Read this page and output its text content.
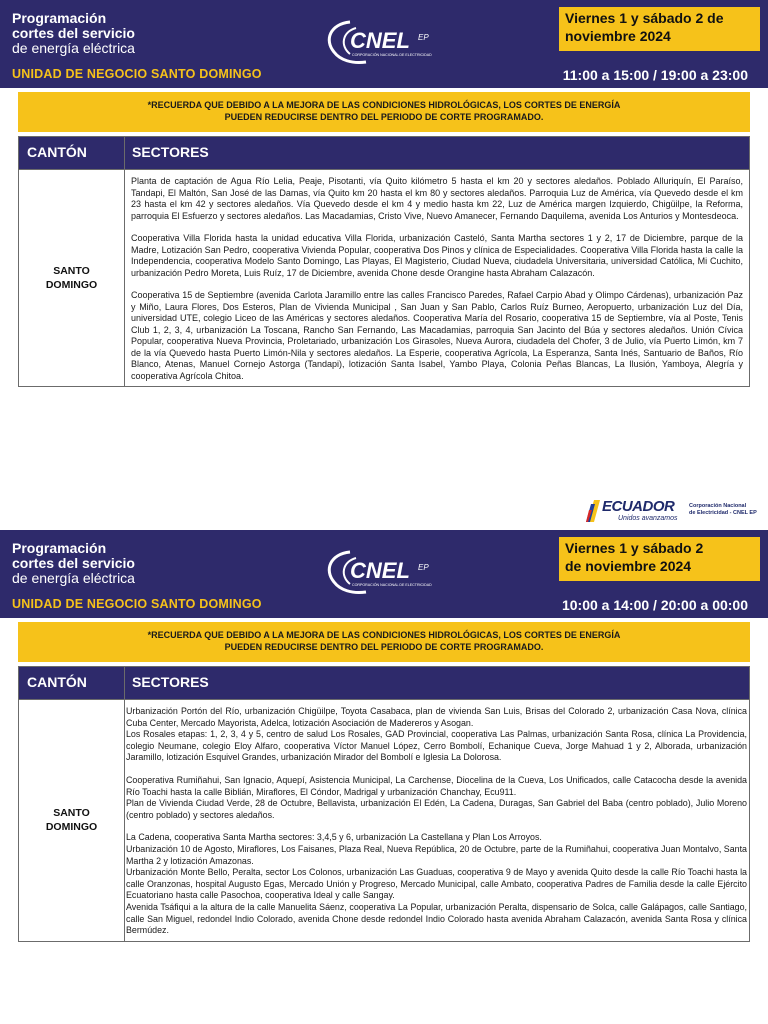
Programación
cortes del servicio
de energía eléctrica
UNIDAD DE NEGOCIO SANTO DOMINGO
CNEL EP
CORPORACIÓN NACIONAL DE ELECTRICIDAD
Viernes 1 y sábado 2 de
noviembre 2024
11:00 a 15:00 / 19:00 a 23:00
*RECUERDA QUE DEBIDO A LA MEJORA DE LAS CONDICIONES HIDROLÓGICAS, LOS CORTES DE ENERGÍA
PUEDEN REDUCIRSE DENTRO DEL PERIODO DE CORTE PROGRAMADO.
CANTÓN	SECTORES
SANTO
DOMINGO

Planta de captación de Agua Río Lelia, Peaje, Pisotanti, vía Quito kilómetro 5 hasta el km 20 y sectores aledaños. Poblado Alluriquín, El Paraíso, Tandapi, El Maltón, San José de las Damas, vía Quito km 20 hasta el km 80 y sectores aledaños. Parroquia Luz de América, vía Quevedo desde el km 23 hasta el km 42 y sectores aledaños. Vía Quevedo desde el km 4 y medio hasta km 22, Luz de América margen Izquierdo, Chigüilpe, la Reforma, parroquia El Esfuerzo y sectores aledaños. Las Macadamias, Cristo Vive, Nuevo Amanecer, Fernando Daquilema, avenida Los Anturios y Montesdeoca.

Cooperativa Villa Florida hasta la unidad educativa Villa Florida, urbanización Casteló, Santa Martha sectores 1 y 2, 17 de Diciembre, parque de la Madre, Lotización San Pedro, cooperativa Vivienda Popular, cooperativa Dos Pinos y clínica de Especialidades. Cooperativa Villa Florida hasta la calle la Independencia, cooperativa Modelo Santo Domingo, Las Playas, El Magisterio, Ciudad Nueva, ciudadela Universitaria, universidad Católica, Mi Cuchito, urbanización Pedro Moreta, Luis Ruíz, 17 de Diciembre, avenida Chone desde Orangine hasta Abraham Calazacón.

Cooperativa 15 de Septiembre (avenida Carlota Jaramillo entre las calles Francisco Paredes, Rafael Carpio Abad y Olimpo Cárdenas), urbanización Paz y Miño, Laura Flores, Dos Esteros, Plan de Vivienda Municipal , San Juan y San Pablo, Carlos Ruíz Burneo, Aeropuerto, urbanización Luz del Día, universidad UTE, colegio Liceo de las Américas y sectores aledaños. Cooperativa María del Rosario, cooperativa 15 de Septiembre, vía al Poste, Tenis Club 1, 2, 3, 4, urbanización La Toscana, Rancho San Fernando, Las Macadamias, parroquia San Jacinto del Búa y sectores aledaños. Unión Cívica Popular, cooperativa Nueva Provincia, Proletariado, urbanización Los Girasoles, Nueva Aurora, ciudadela del Chofer, 3 de Julio, vía Puerto Limón, km 7 de la vía Quevedo hasta Puerto Limón-Nila y sectores aledaños. La Esperie, cooperativa Agrícola, La Esperanza, Santa Inés, Santuario de Baños, Río Blanco, Atenas, Manuel Cornejo Astorga (Tandapi), lotización Santa Isabel, Yambo Playa, Colonia Peñas Blancas, La Ilusión, Yamboya, Alegría y cooperativa Agrícola Chitoa.

ECUADOR
Unidos avanzamos
Corporación Nacional
de Electricidad - CNEL EP
Programación
cortes del servicio
de energía eléctrica
UNIDAD DE NEGOCIO SANTO DOMINGO
CNEL EP
CORPORACIÓN NACIONAL DE ELECTRICIDAD
Viernes 1 y sábado 2
de noviembre 2024
10:00 a 14:00 / 20:00 a 00:00
*RECUERDA QUE DEBIDO A LA MEJORA DE LAS CONDICIONES HIDROLÓGICAS, LOS CORTES DE ENERGÍA
PUEDEN REDUCIRSE DENTRO DEL PERIODO DE CORTE PROGRAMADO.
CANTÓN	SECTORES
SANTO
DOMINGO

Urbanización Portón del Río, urbanización Chigüilpe, Toyota Casabaca, plan de vivienda San Luis, Brisas del Colorado 2, urbanización Casa Nova, clínica Cuba Center, Mercado Mayorista, Adelca, lotización Asociación de Madereros y Asogan.

Los Rosales etapas: 1, 2, 3, 4 y 5, centro de salud Los Rosales, GAD Provincial, cooperativa Las Palmas, urbanización Santa Rosa, clínica La Providencia, colegio Neumane, colegio Eloy Alfaro, cooperativa Víctor Manuel López, Cerro Bombolí, Echanique Cueva, Jorge Mahuad 1 y 2, Alborada, urbanización Jaramillo, lotización Esquivel Grandes, urbanización Mirador del Bombolí e Iglesia La Dolorosa.

Cooperativa Rumiñahui, San Ignacio, Aquepí, Asistencia Municipal, La Carchense, Diocelina de la Cueva, Los Unificados, calle Catacocha desde la avenida Río Toachi hasta la calle Biblián, Miraflores, El Cóndor, Madrigal y urbanización Chanchay, Ecu911.

Plan de Vivienda Ciudad Verde, 28 de Octubre, Bellavista, urbanización El Edén, La Cadena, Duragas, San Gabriel del Baba (centro poblado), Julio Moreno (centro poblado) y sectores aledaños.

La Cadena, cooperativa Santa Martha sectores: 3,4,5 y 6, urbanización La Castellana y Plan Los Arroyos.

Urbanización 10 de Agosto, Miraflores, Los Faisanes, Plaza Real, Nueva República, 20 de Octubre, parte de la Rumiñahui, cooperativa Juan Montalvo, Santa Martha 2 y lotización Amazonas.

Urbanización Monte Bello, Peralta, sector Los Colonos, urbanización Las Guaduas, cooperativa 9 de Mayo y avenida Quito desde la calle Río Toachi hasta la calle Oranzonas, hospital Augusto Egas, Mercado Unión y Progreso, Mercado Municipal, calle Ambato, cooperativa Padres de Familia desde la calle Ejército Ecuatoriano hasta calle Pasochoa, cooperativa Ideal y calle Sangay.

Avenida Tsáfiqui a la altura de la calle Manuelita Sáenz, cooperativa La Popular, urbanización Peralta, dispensario de Solca, calle Galápagos, calle Santiago, calle San Miguel, redondel Indio Colorado, avenida Chone desde redondel Indio Colorado hasta avenida Abraham Calazacón, avenida Santa Rosa y clínica Bermúdez.
